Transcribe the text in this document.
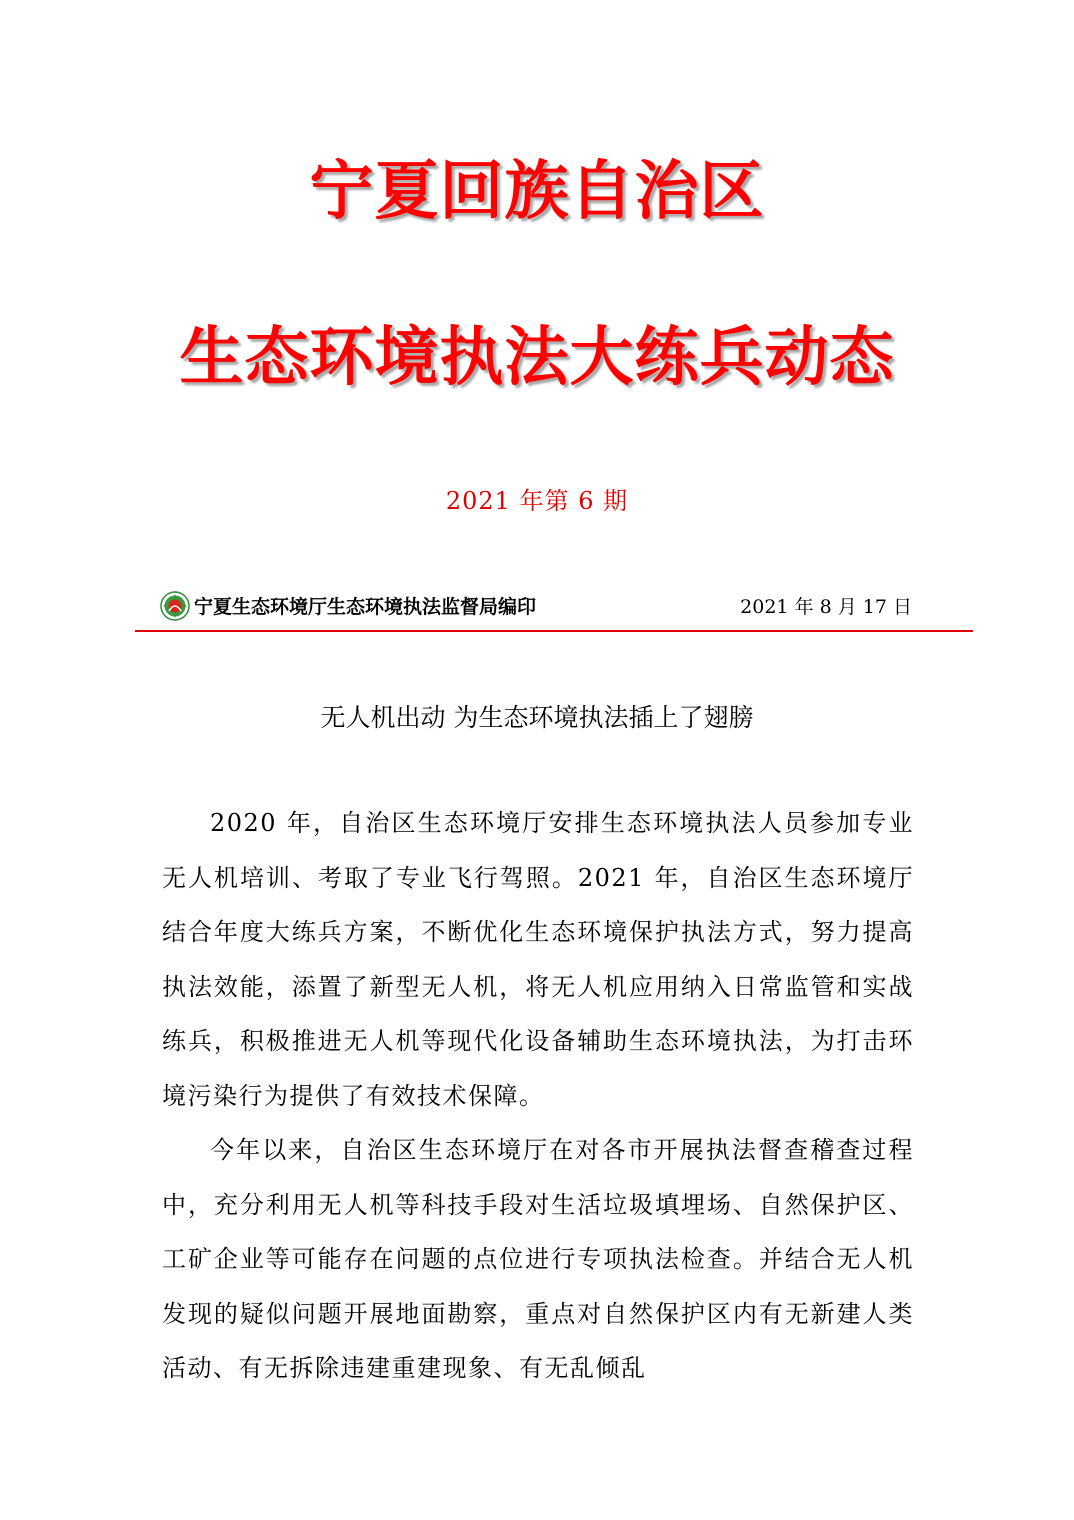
宁夏回族自治区
生态环境执法大练兵动态
2021 年第 6 期
宁夏生态环境厅生态环境执法监督局编印	2021 年 8 月 17 日
无人机出动 为生态环境执法插上了翅膀

2020 年，自治区生态环境厅安排生态环境执法人员参加专业无人机培训、考取了专业飞行驾照。2021 年，自治区生态环境厅结合年度大练兵方案，不断优化生态环境保护执法方式，努力提高执法效能，添置了新型无人机，将无人机应用纳入日常监管和实战练兵，积极推进无人机等现代化设备辅助生态环境执法，为打击环境污染行为提供了有效技术保障。

今年以来，自治区生态环境厅在对各市开展执法督查稽查过程中，充分利用无人机等科技手段对生活垃圾填埋场、自然保护区、工矿企业等可能存在问题的点位进行专项执法检查。并结合无人机发现的疑似问题开展地面勘察，重点对自然保护区内有无新建人类活动、有无拆除违建重建现象、有无乱倾乱
